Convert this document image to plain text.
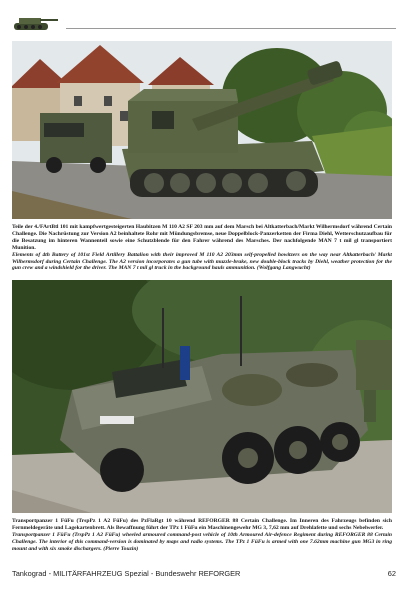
Teile der 4./FArtBtl 101 mit kampfwertgesteigerten Haubitzen M 110 A2 SF 203 mm auf dem Marsch bei Altkatterbach/Markt Wilhermsdorf während Certain Challenge. Die Nachrüstung zur Version A2 beinhaltete Rohr mit Mündungsbremse, neue Doppelblock-Panzerketten der Firma Diehl, Wetterschutzaufbau für die Besatzung im hinteren Wannenteil sowie eine Schutzblende für den Fahrer während des Marsches. Der nachfolgende MAN 7 t mil gl transportiert Munition.
Elements of 4th Battery of 101st Field Artillery Battalion with their improved M 110 A2 203mm self-propelled howitzers on the way near Altkatterbach/ Markt Wilhermsdorf during Certain Challenge. The A2 version incorporates a gun tube with muzzle-brake, new double-block tracks by Diehl, weather protection for the gun crew and a windshield for the driver. The MAN 7 t mil gl truck in the background hauls ammunition. (Wolfgang Langwucht)
Transportpanzer 1 FüFu (TrspPz 1 A2 FüFu) des PzFlaRgt 10 während REFORGER 88 Certain Challenge. Im Inneren des Fahrzeugs befinden sich Fernmeldegeräte und Lagekartenbrett. Als Bewaffnung führt der TPz 1 FüFu ein Maschinengewehr MG 3, 7,62 mm auf Drehlafette und sechs Nebelwerfer.
Transportpanzer 1 FüFu (TrspPz 1 A2 FüFu) wheeled armoured command-post vehicle of 10th Armoured Air-defence Regiment during REFORGER 88 Certain Challenge. The interior of this command-version is dominated by maps and radio systems. The TPz 1 FüFu is armed with one 7.62mm machine gun MG3 in ring mount and with six smoke dischargers. (Pierre Touzin)
Tankograd - MILITÄRFAHRZEUG Spezial - Bundeswehr REFORGER	62
